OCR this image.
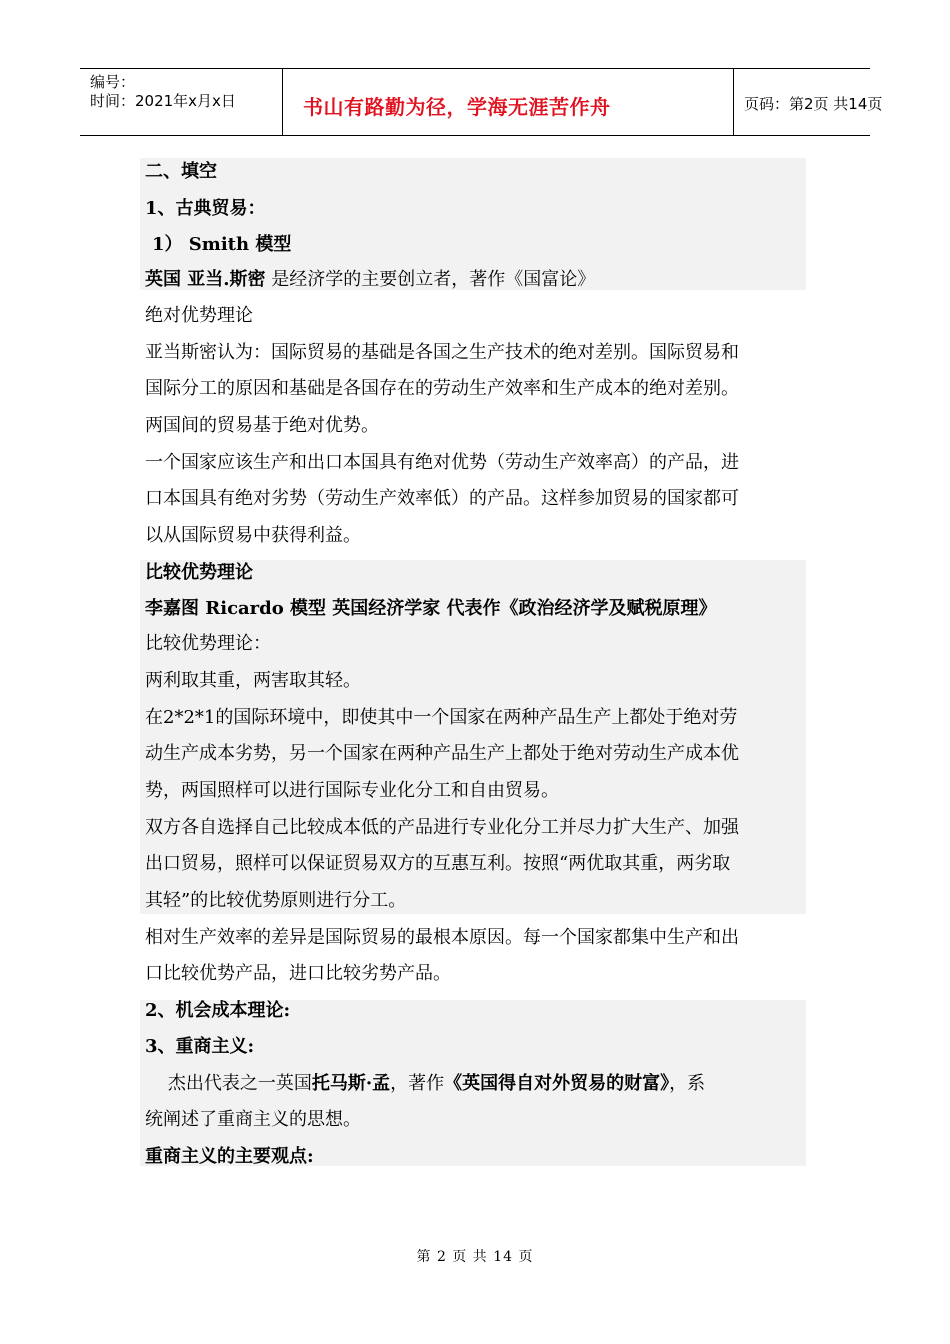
编号：
时间：2021年x月x日	书山有路勤为径，学海无涯苦作舟	页码：第2页 共14页
二、填空
1、古典贸易：
1） Smith 模型
英国 亚当.斯密 是经济学的主要创立者，著作《国富论》
绝对优势理论
亚当斯密认为：国际贸易的基础是各国之生产技术的绝对差别。国际贸易和
国际分工的原因和基础是各国存在的劳动生产效率和生产成本的绝对差别。
两国间的贸易基于绝对优势。
一个国家应该生产和出口本国具有绝对优势（劳动生产效率高）的产品，进
口本国具有绝对劣势（劳动生产效率低）的产品。这样参加贸易的国家都可
以从国际贸易中获得利益。
比较优势理论
李嘉图 Ricardo 模型 英国经济学家 代表作《政治经济学及赋税原理》
比较优势理论：
两利取其重，两害取其轻。
在2*2*1的国际环境中，即使其中一个国家在两种产品生产上都处于绝对劳
动生产成本劣势，另一个国家在两种产品生产上都处于绝对劳动生产成本优
势，两国照样可以进行国际专业化分工和自由贸易。
双方各自选择自己比较成本低的产品进行专业化分工并尽力扩大生产、加强
出口贸易，照样可以保证贸易双方的互惠互利。按照“两优取其重，两劣取
其轻”的比较优势原则进行分工。
相对生产效率的差异是国际贸易的最根本原因。每一个国家都集中生产和出
口比较优势产品，进口比较劣势产品。
2、机会成本理论:
3、重商主义:
杰出代表之一英国托马斯·孟，著作《英国得自对外贸易的财富》，系
统阐述了重商主义的思想。
重商主义的主要观点:
第 2 页 共 14 页
